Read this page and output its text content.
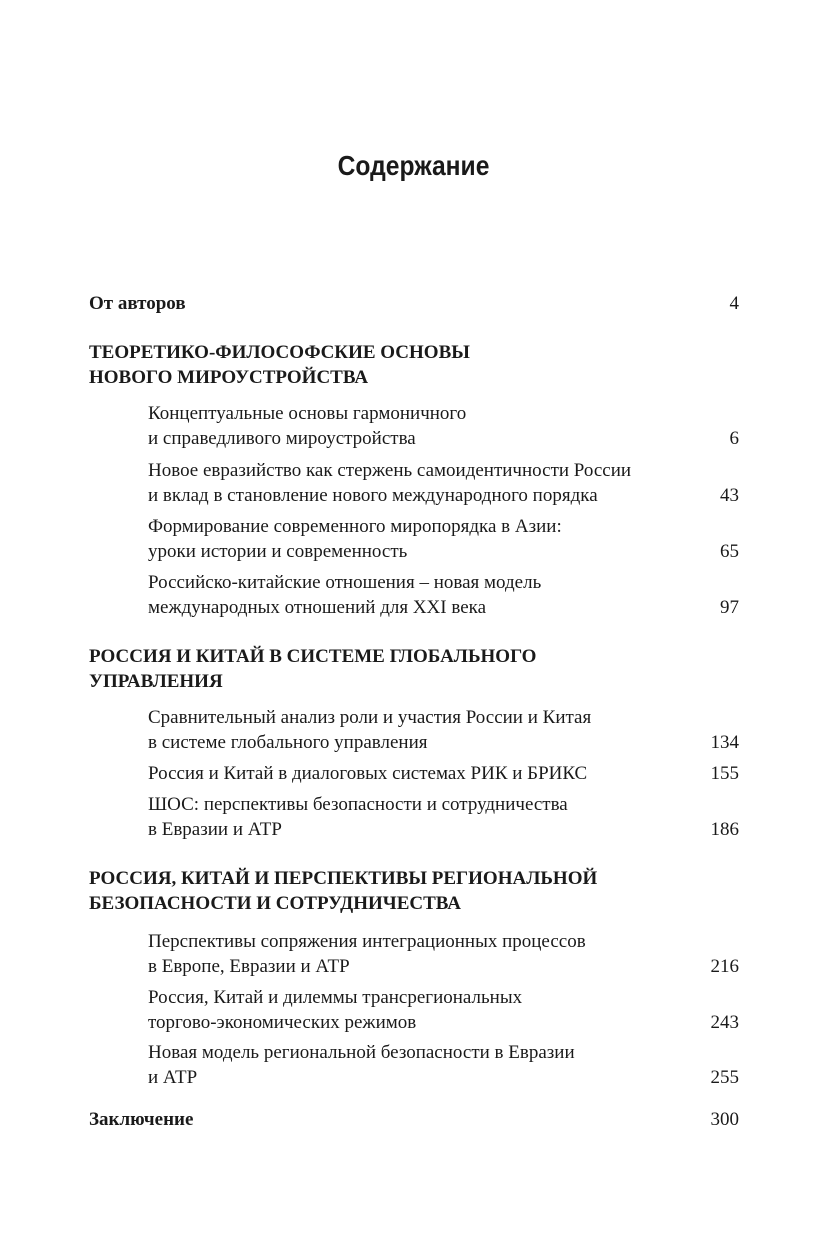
Содержание
От авторов	4
ТЕОРЕТИКО-ФИЛОСОФСКИЕ ОСНОВЫ
НОВОГО МИРОУСТРОЙСТВА
Концептуальные основы гармоничного
и справедливого мироустройства	6
Новое евразийство как стержень самоидентичности России
и вклад в становление нового международного порядка	43
Формирование современного миропорядка в Азии:
уроки истории и современность	65
Российско-китайские отношения – новая модель
международных отношений для XXI века	97
РОССИЯ И КИТАЙ В СИСТЕМЕ ГЛОБАЛЬНОГО
УПРАВЛЕНИЯ
Сравнительный анализ роли и участия России и Китая
в системе глобального управления	134
Россия и Китай в диалоговых системах РИК и БРИКС	155
ШОС: перспективы безопасности и сотрудничества
в Евразии и АТР	186
РОССИЯ, КИТАЙ И ПЕРСПЕКТИВЫ РЕГИОНАЛЬНОЙ
БЕЗОПАСНОСТИ И СОТРУДНИЧЕСТВА
Перспективы сопряжения интеграционных процессов
в Европе, Евразии и АТР	216
Россия, Китай и дилеммы трансрегиональных
торгово-экономических режимов	243
Новая модель региональной безопасности в Евразии
и АТР	255
Заключение	300
